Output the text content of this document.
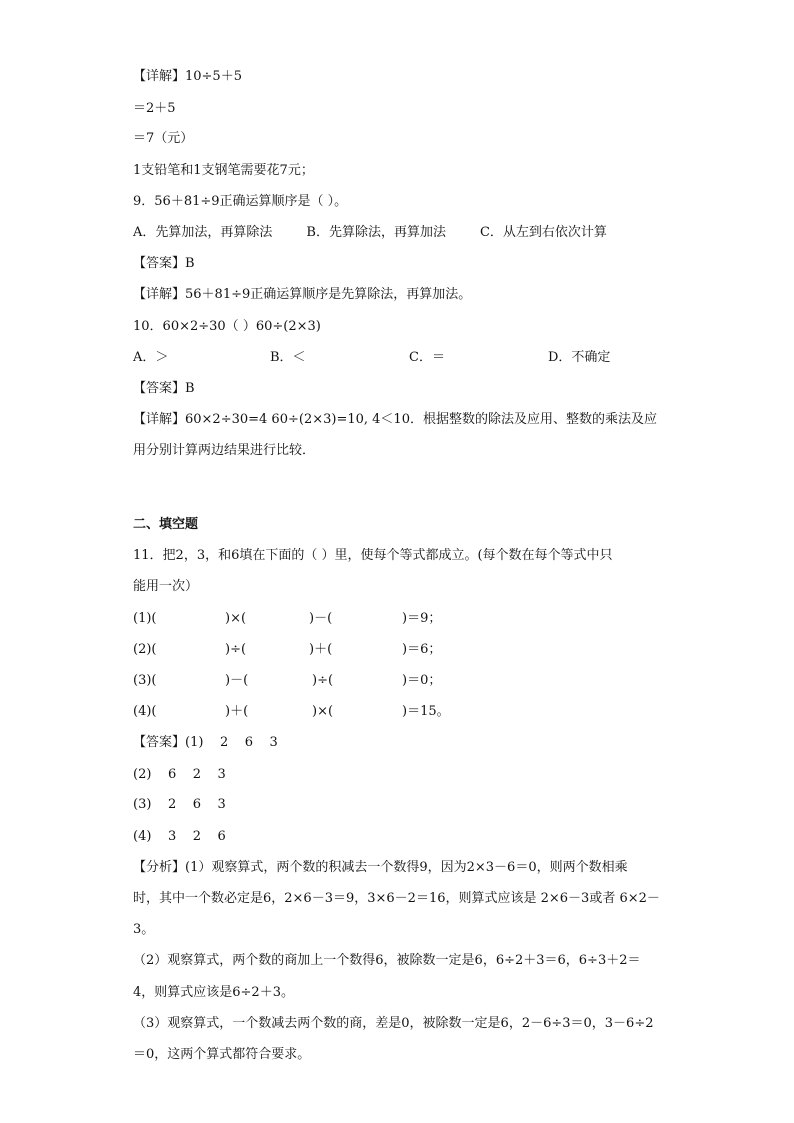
【详解】10÷5＋5
＝2＋5
＝7（元）
1支铅笔和1支钢笔需要花7元；
9．56＋81÷9正确运算顺序是（ ）。
A．先算加法，再算除法	B．先算除法，再算加法	C．从左到右依次计算
【答案】B
【详解】56＋81÷9正确运算顺序是先算除法，再算加法。
10．60×2÷30（ ）60÷(2×3)
A．＞	B．＜	C．＝	D．不确定
【答案】B
【详解】60×2÷30=4 60÷(2×3)=10, 4＜10．根据整数的除法及应用、整数的乘法及应
用分别计算两边结果进行比较．
二、填空题
11．把2，3，和6填在下面的（ ）里，使每个等式都成立。(每个数在每个等式中只
能用一次）
(1)(	)×(	)－(	)＝9；
(2)(	)÷(	)＋(	)＝6；
(3)(	)－(	)÷(	)＝0；
(4)(	)＋(	)×(	)＝15。
【答案】(1)    2    6    3
(2)    6    2    3
(3)    2    6    3
(4)    3    2    6
【分析】(1）观察算式，两个数的积减去一个数得9，因为2×3－6＝0，则两个数相乘
时，其中一个数必定是6，2×6－3＝9，3×6－2＝16，则算式应该是 2×6－3或者 6×2－
3。
（2）观察算式，两个数的商加上一个数得6，被除数一定是6，6÷2＋3＝6，6÷3＋2＝
4，则算式应该是6÷2＋3。
（3）观察算式，一个数减去两个数的商，差是0，被除数一定是6，2－6÷3＝0，3－6÷2
＝0，这两个算式都符合要求。
